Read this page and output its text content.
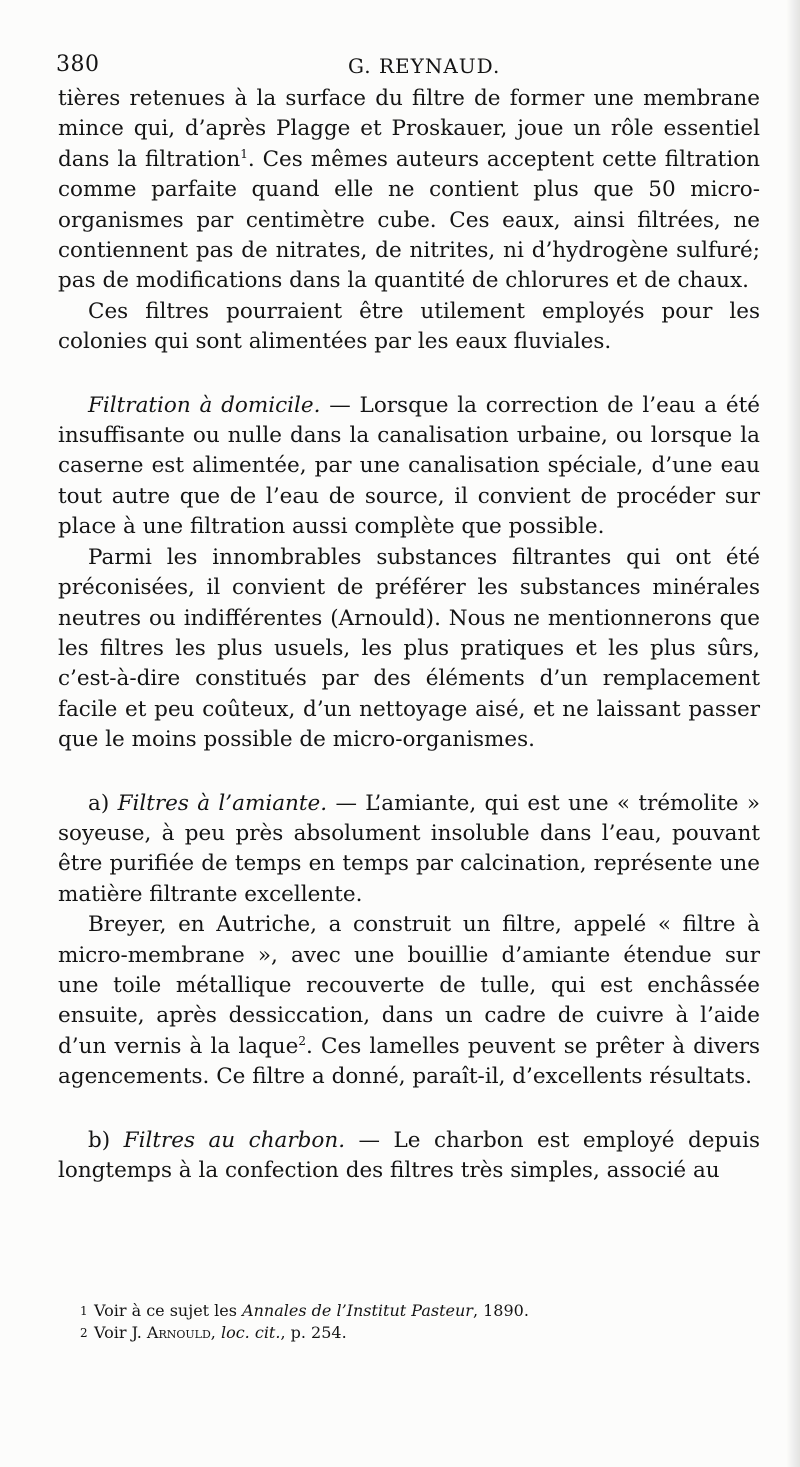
380	G. REYNAUD.

tières retenues à la surface du filtre de former une membrane mince qui, d’après Plagge et Proskauer, joue un rôle essentiel dans la filtration$^1$. Ces mêmes auteurs acceptent cette filtration comme parfaite quand elle ne contient plus que 50 micro-organismes par centimètre cube. Ces eaux, ainsi filtrées, ne contiennent pas de nitrates, de nitrites, ni d’hydrogène sulfuré; pas de modifications dans la quantité de chlorures et de chaux.

Ces filtres pourraient être utilement employés pour les colonies qui sont alimentées par les eaux fluviales.

Filtration à domicile. — Lorsque la correction de l’eau a été insuffisante ou nulle dans la canalisation urbaine, ou lorsque la caserne est alimentée, par une canalisation spéciale, d’une eau tout autre que de l’eau de source, il convient de procéder sur place à une filtration aussi complète que possible.

Parmi les innombrables substances filtrantes qui ont été préconisées, il convient de préférer les substances minérales neutres ou indifférentes (Arnould). Nous ne mentionnerons que les filtres les plus usuels, les plus pratiques et les plus sûrs, c’est-à-dire constitués par des éléments d’un remplacement facile et peu coûteux, d’un nettoyage aisé, et ne laissant passer que le moins possible de micro-organismes.

a) Filtres à l’amiante. — L’amiante, qui est une « trémolite » soyeuse, à peu près absolument insoluble dans l’eau, pouvant être purifiée de temps en temps par calcination, représente une matière filtrante excellente.

Breyer, en Autriche, a construit un filtre, appelé « filtre à micro-membrane », avec une bouillie d’amiante étendue sur une toile métallique recouverte de tulle, qui est enchâssée ensuite, après dessiccation, dans un cadre de cuivre à l’aide d’un vernis à la laque$^2$. Ces lamelles peuvent se prêter à divers agencements. Ce filtre a donné, paraît-il, d’excellents résultats.

b) Filtres au charbon. — Le charbon est employé depuis longtemps à la confection des filtres très simples, associé au

1 Voir à ce sujet les Annales de l’Institut Pasteur, 1890.

2 Voir J. Arnould, loc. cit., p. 254.
